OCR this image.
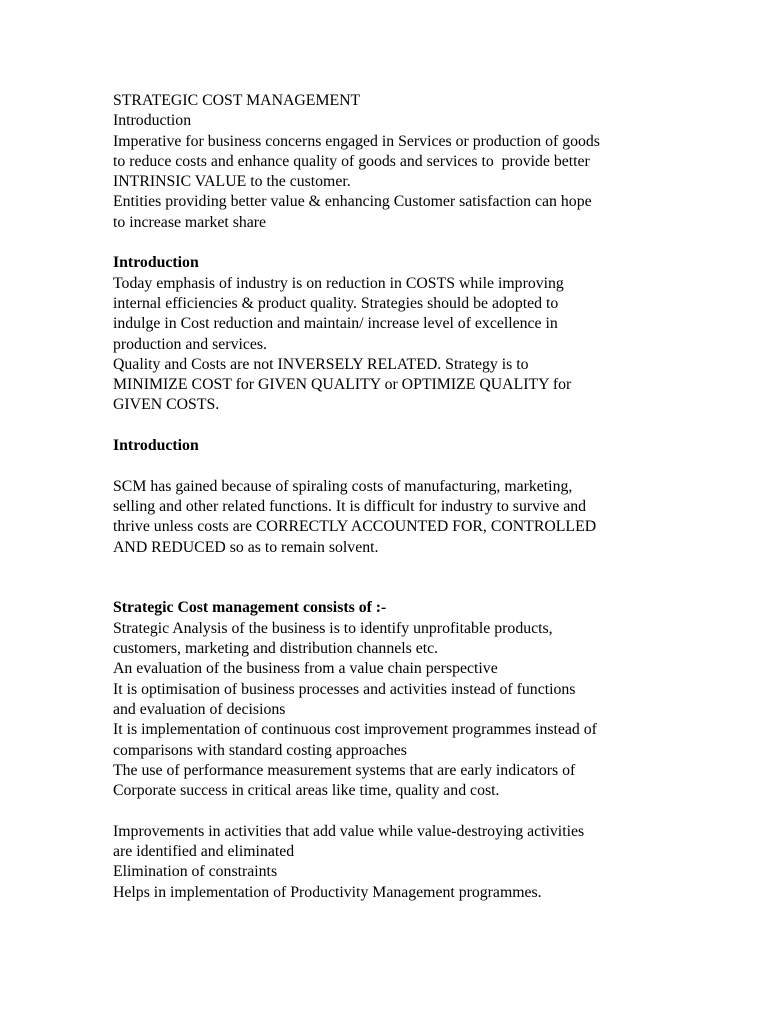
STRATEGIC COST MANAGEMENT
Introduction
Imperative for business concerns engaged in Services or production of goods
to reduce costs and enhance quality of goods and services to  provide better
INTRINSIC VALUE to the customer.
Entities providing better value & enhancing Customer satisfaction can hope
to increase market share
Introduction
Today emphasis of industry is on reduction in COSTS while improving
internal efficiencies & product quality. Strategies should be adopted to
indulge in Cost reduction and maintain/ increase level of excellence in
production and services.
Quality and Costs are not INVERSELY RELATED. Strategy is to
MINIMIZE COST for GIVEN QUALITY or OPTIMIZE QUALITY for
GIVEN COSTS.
Introduction
SCM has gained because of spiraling costs of manufacturing, marketing,
selling and other related functions. It is difficult for industry to survive and
thrive unless costs are CORRECTLY ACCOUNTED FOR, CONTROLLED
AND REDUCED so as to remain solvent.
Strategic Cost management consists of :-
Strategic Analysis of the business is to identify unprofitable products,
customers, marketing and distribution channels etc.
An evaluation of the business from a value chain perspective
It is optimisation of business processes and activities instead of functions
and evaluation of decisions
It is implementation of continuous cost improvement programmes instead of
comparisons with standard costing approaches
The use of performance measurement systems that are early indicators of
Corporate success in critical areas like time, quality and cost.
Improvements in activities that add value while value-destroying activities
are identified and eliminated
Elimination of constraints
Helps in implementation of Productivity Management programmes.
